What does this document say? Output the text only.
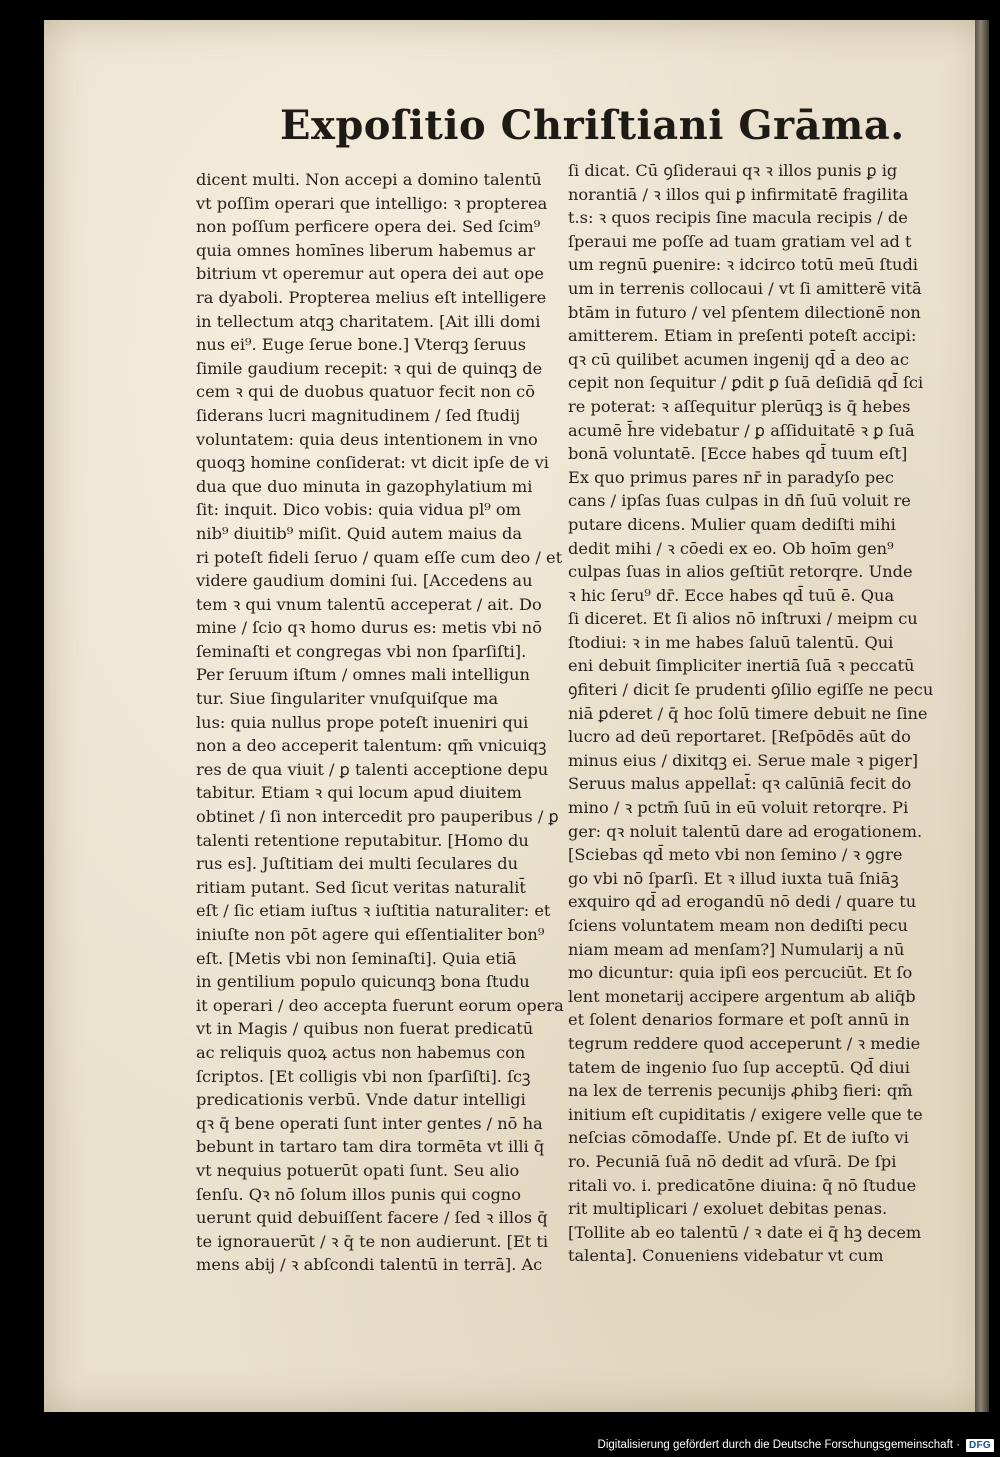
Expoſitio Chriſtiani Grāma.
dicent multi. Non accepi a domino talentū
vt poſſim operari que intelligo: ꝛ propterea
non poſſum perficere opera dei. Sed ſcim⁹
quia omnes homīnes liberum habemus ar
bitrium vt operemur aut opera dei aut ope
ra dyaboli. Propterea melius eſt intelligere
in tellectum atqꝫ charitatem. [Ait illi domi
nus ei⁹. Euge ſerue bone.] Vterqꝫ ſeruus
ſimile gaudium recepit: ꝛ qui de quinqꝫ de
cem ꝛ qui de duobus quatuor fecit non cō
ſiderans lucri magnitudinem / ſed ſtudij
voluntatem: quia deus intentionem in vno
quoqꝫ homine conſiderat: vt dicit ipſe de vi
dua que duo minuta in gazophylatium mi
ſit: inquit. Dico vobis: quia vidua pl⁹ om
nib⁹ diuitib⁹ miſit. Quid autem maius da
ri poteſt fideli ſeruo / quam eſſe cum deo / et
videre gaudium domini ſui. [Accedens au
tem ꝛ qui vnum talentū acceperat / ait. Do
mine / ſcio qꝛ homo durus es: metis vbi nō
ſeminaſti et congregas vbi non ſparſiſti].
Per ſeruum iſtum / omnes mali intelligun
tur. Siue ſingulariter vnuſquiſque ma
lus: quia nullus prope poteſt inueniri qui
non a deo acceperit talentum: qm̄ vnicuiqꝫ
res de qua viuit / ꝑ talenti acceptione depu
tabitur. Etiam ꝛ qui locum apud diuitem
obtinet / ſi non intercedit pro pauperibus / ꝑ
talenti retentione reputabitur. [Homo du
rus es]. Juſtitiam dei multi ſeculares du
ritiam putant. Sed ſicut veritas naturalit̄
eſt / ſic etiam iuſtus ꝛ iuſtitia naturaliter: et
iniuſte non pōt agere qui eſſentialiter bon⁹
eſt. [Metis vbi non ſeminaſti]. Quia etiā
in gentilium populo quicunqꝫ bona ſtudu
it operari / deo accepta fuerunt eorum opera
vt in Magis / quibus non fuerat predicatū
ac reliquis quoꝝ actus non habemus con
ſcriptos. [Et colligis vbi non ſparſiſti]. ſcꝫ
predicationis verbū. Vnde datur intelligi
qꝛ q̄ bene operati ſunt inter gentes / nō ha
bebunt in tartaro tam dira tormēta vt illi q̄
vt nequius potuerūt opati ſunt. Seu alio
ſenſu. Qꝛ nō ſolum illos punis qui cogno
uerunt quid debuiſſent facere / ſed ꝛ illos q̄
te ignorauerūt / ꝛ q̄ te non audierunt. [Et ti
mens abij / ꝛ abſcondi talentū in terrā]. Ac
ſi dicat. Cū ꝯſideraui qꝛ ꝛ illos punis ꝑ ig
norantiā / ꝛ illos qui ꝑ infirmitatē fragilita
t.s: ꝛ quos recipis ſine macula recipis / de
ſperaui me poſſe ad tuam gratiam vel ad t
um regnū ꝑuenire: ꝛ idcirco totū meū ſtudi
um in terrenis collocaui / vt ſi amitterē vitā
btām in futuro / vel pſentem dilectionē non
amitterem. Etiam in preſenti poteſt accipi:
qꝛ cū quilibet acumen ingenij qd̄ a deo ac
cepit non ſequitur / ꝑdit ꝑ ſuā deſidiā qd̄ ſci
re poterat: ꝛ aſſequitur plerūqꝫ is q̄ hebes
acumē h̄re videbatur / ꝑ aſſiduitatē ꝛ ꝑ ſuā
bonā voluntatē. [Ecce habes qd̄ tuum eſt]
Ex quo primus pares nr̄ in paradyſo pec
cans / ipſas ſuas culpas in dn̄ ſuū voluit re
putare dicens. Mulier quam dediſti mihi
dedit mihi / ꝛ cōedi ex eo. Ob hoīm gen⁹
culpas ſuas in alios geſtiūt retorqre. Unde
ꝛ hic ſeru⁹ dr̄. Ecce habes qd̄ tuū ē. Qua
ſi diceret. Et ſi alios nō inſtruxi / meipm cu
ſtodiui: ꝛ in me habes ſaluū talentū. Qui
eni debuit ſimpliciter inertiā ſuā ꝛ peccatū
ꝯfiteri / dicit ſe prudenti ꝯſilio egiſſe ne pecu
niā ꝑderet / q̄ hoc ſolū timere debuit ne ſine
lucro ad deū reportaret. [Reſpōdēs aūt do
minus eius / dixitqꝫ ei. Serue male ꝛ piger]
Seruus malus appellat̄: qꝛ calūniā fecit do
mino / ꝛ pctm̄ ſuū in eū voluit retorqre. Pi
ger: qꝛ noluit talentū dare ad erogationem.
[Sciebas qd̄ meto vbi non ſemino / ꝛ ꝯgre
go vbi nō ſparſi. Et ꝛ illud iuxta tuā ſniāꝫ
exquiro qd̄ ad erogandū nō dedi / quare tu
ſciens voluntatem meam non dediſti pecu
niam meam ad menſam?] Numularij a nū
mo dicuntur: quia ipſi eos percuciūt. Et ſo
lent monetarij accipere argentum ab aliq̄b
et ſolent denarios formare et poſt annū in
tegrum reddere quod acceperunt / ꝛ medie
tatem de ingenio ſuo ſup acceptū. Qd̄ diui
na lex de terrenis pecunijs ꝓhibꝫ fieri: qm̄
initium eſt cupiditatis / exigere velle que te
neſcias cōmodaſſe. Unde pſ. Et de iuſto vi
ro. Pecuniā ſuā nō dedit ad vſurā. De ſpi
ritali vo. i. predicatōne diuina: q̄ nō ſtudue
rit multiplicari / exoluet debitas penas.
[Tollite ab eo talentū / ꝛ date ei q̄ hꝫ decem
talenta]. Conueniens videbatur vt cum
Digitalisierung gefördert durch die Deutsche Forschungsgemeinschaft · DFG
